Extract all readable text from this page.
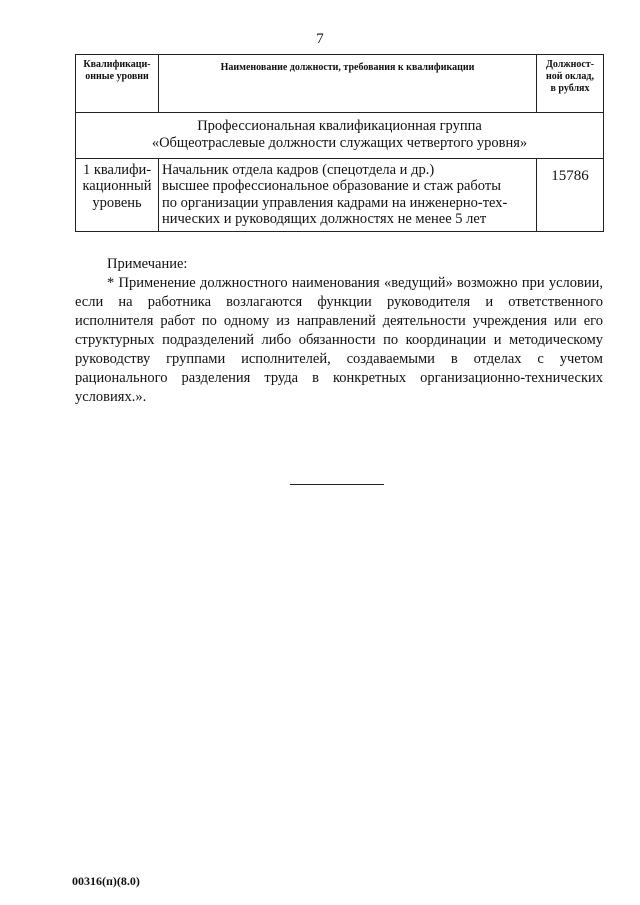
7
Квалификаци-
онные уровни	Наименование должности, требования к квалификации	Должност-
ной оклад,
в рублях
Профессиональная квалификационная группа
«Общеотраслевые должности служащих четвертого уровня»		
1 квалифи-
кационный
уровень	Начальник отдела кадров (спецотдела и др.)
высшее профессиональное образование и стаж работы
по организации управления кадрами на инженерно-тех-
нических и руководящих должностях не менее 5 лет	15786
Примечание:
* Применение должностного наименования «ведущий» возможно при условии, если на работника возлагаются функции руководителя и ответственного исполнителя работ по одному из направлений деятельности учреждения или его структурных подразделений либо обязанности по координации и методическому руководству группами исполнителей, создаваемыми в отделах с учетом рационального разделения труда в конкретных организационно-технических условиях.».
00316(п)(8.0)
